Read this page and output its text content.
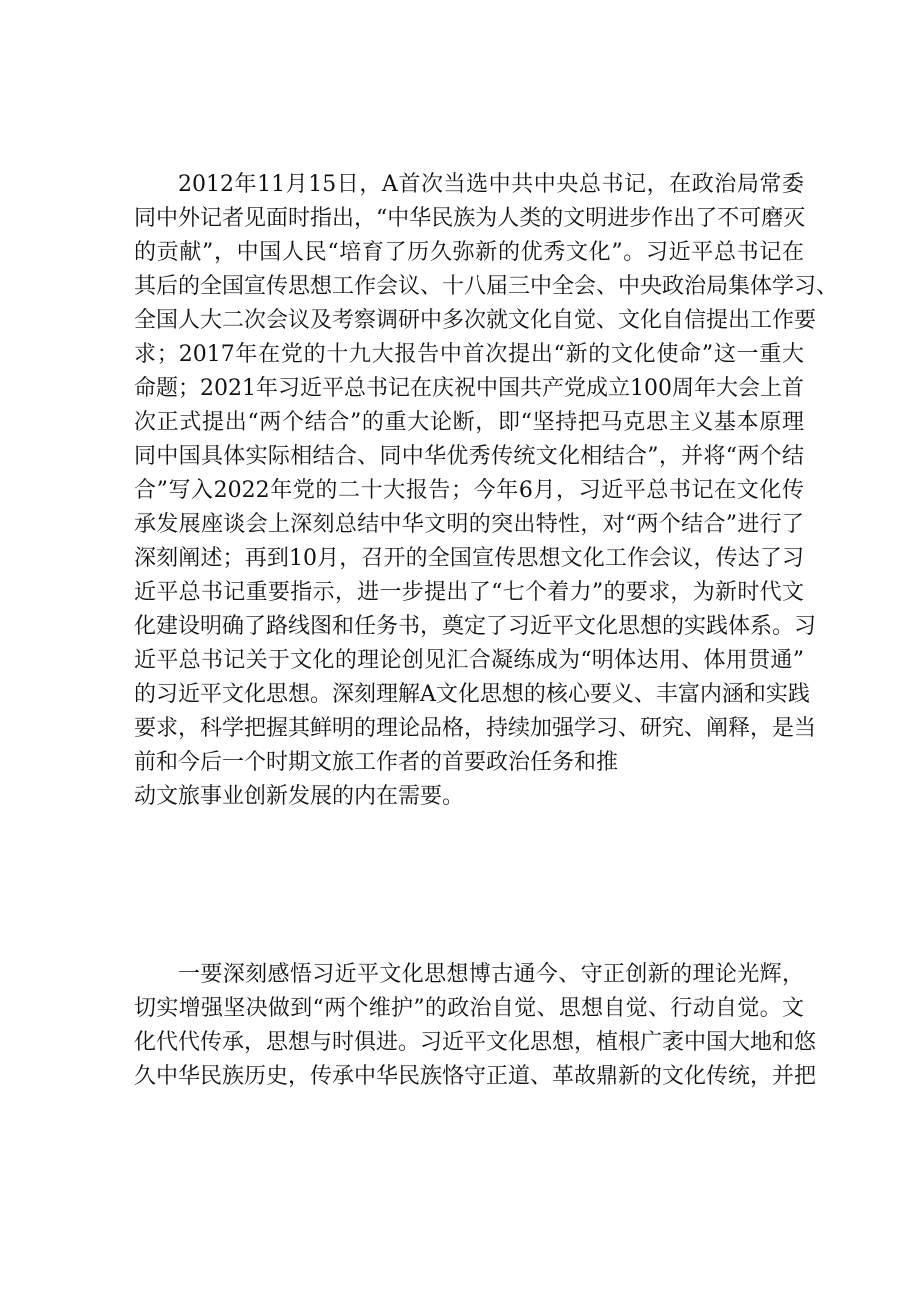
2012年11月15日，A首次当选中共中央总书记，在政治局常委
同中外记者见面时指出，“中华民族为人类的文明进步作出了不可磨灭
的贡献”，中国人民“培育了历久弥新的优秀文化”。习近平总书记在
其后的全国宣传思想工作会议、十八届三中全会、中央政治局集体学习、
全国人大二次会议及考察调研中多次就文化自觉、文化自信提出工作要
求；2017年在党的十九大报告中首次提出“新的文化使命”这一重大
命题；2021年习近平总书记在庆祝中国共产党成立100周年大会上首
次正式提出“两个结合”的重大论断，即“坚持把马克思主义基本原理
同中国具体实际相结合、同中华优秀传统文化相结合”，并将“两个结
合”写入2022年党的二十大报告；今年6月，习近平总书记在文化传
承发展座谈会上深刻总结中华文明的突出特性，对“两个结合”进行了
深刻阐述；再到10月，召开的全国宣传思想文化工作会议，传达了习
近平总书记重要指示，进一步提出了“七个着力”的要求，为新时代文
化建设明确了路线图和任务书，奠定了习近平文化思想的实践体系。习
近平总书记关于文化的理论创见汇合凝练成为“明体达用、体用贯通”
的习近平文化思想。深刻理解A文化思想的核心要义、丰富内涵和实践
要求，科学把握其鲜明的理论品格，持续加强学习、研究、阐释，是当
前和今后一个时期文旅工作者的首要政治任务和推
动文旅事业创新发展的内在需要。
一要深刻感悟习近平文化思想博古通今、守正创新的理论光辉，
切实增强坚决做到“两个维护”的政治自觉、思想自觉、行动自觉。文
化代代传承，思想与时俱进。习近平文化思想，植根广袤中国大地和悠
久中华民族历史，传承中华民族恪守正道、革故鼎新的文化传统，并把
